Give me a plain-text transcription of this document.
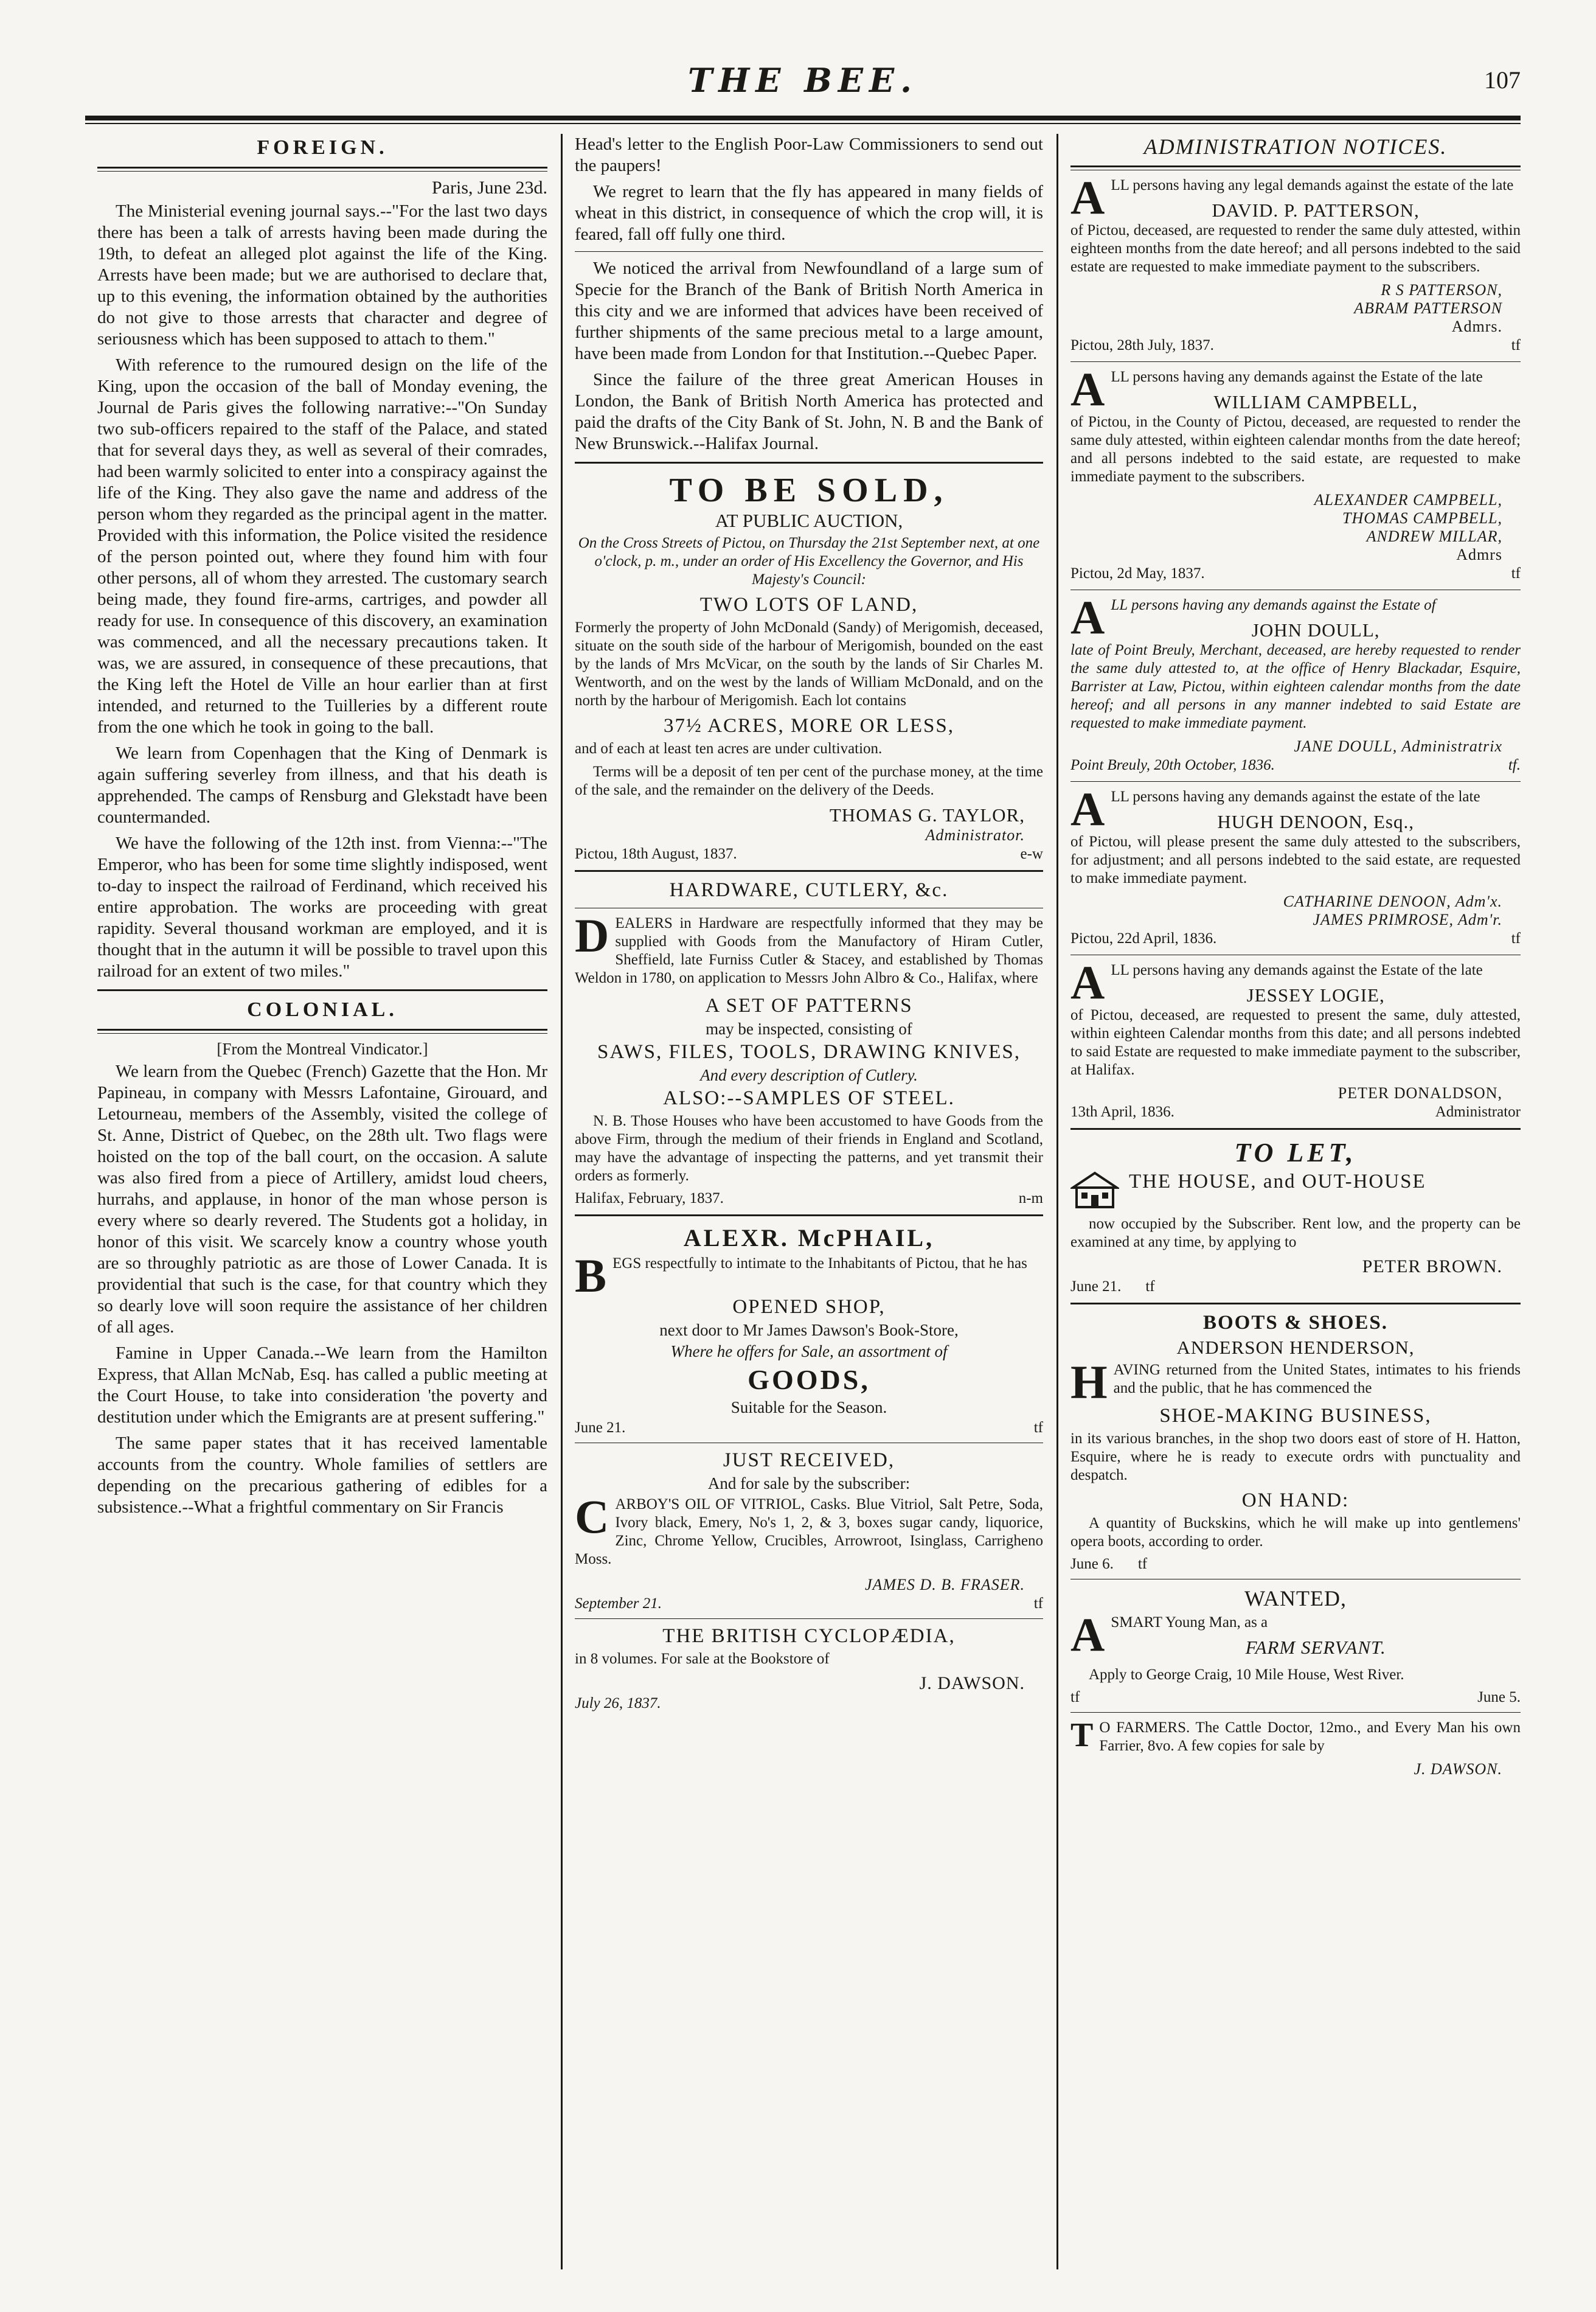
THE BEE.	107
FOREIGN.
Paris, June 23d.

The Ministerial evening journal says.--"For the last two days there has been a talk of arrests having been made during the 19th, to defeat an alleged plot against the life of the King. Arrests have been made; but we are authorised to declare that, up to this evening, the information obtained by the authorities do not give to those arrests that character and degree of seriousness which has been supposed to attach to them."

With reference to the rumoured design on the life of the King, upon the occasion of the ball of Monday evening, the Journal de Paris gives the following narrative:--"On Sunday two sub-officers repaired to the staff of the Palace, and stated that for several days they, as well as several of their comrades, had been warmly solicited to enter into a conspiracy against the life of the King. They also gave the name and address of the person whom they regarded as the principal agent in the matter. Provided with this information, the Police visited the residence of the person pointed out, where they found him with four other persons, all of whom they arrested. The customary search being made, they found fire-arms, cartriges, and powder all ready for use. In consequence of this discovery, an examination was commenced, and all the necessary precautions taken. It was, we are assured, in consequence of these precautions, that the King left the Hotel de Ville an hour earlier than at first intended, and returned to the Tuilleries by a different route from the one which he took in going to the ball.

We learn from Copenhagen that the King of Denmark is again suffering severley from illness, and that his death is apprehended. The camps of Rensburg and Glekstadt have been countermanded.

We have the following of the 12th inst. from Vienna:--"The Emperor, who has been for some time slightly indisposed, went to-day to inspect the railroad of Ferdinand, which received his entire approbation. The works are proceeding with great rapidity. Several thousand workman are employed, and it is thought that in the autumn it will be possible to travel upon this railroad for an extent of two miles."

COLONIAL.
[From the Montreal Vindicator.]

We learn from the Quebec (French) Gazette that the Hon. Mr Papineau, in company with Messrs Lafontaine, Girouard, and Letourneau, members of the Assembly, visited the college of St. Anne, District of Quebec, on the 28th ult. Two flags were hoisted on the top of the ball court, on the occasion. A salute was also fired from a piece of Artillery, amidst loud cheers, hurrahs, and applause, in honor of the man whose person is every where so dearly revered. The Students got a holiday, in honor of this visit. We scarcely know a country whose youth are so throughly patriotic as are those of Lower Canada. It is providential that such is the case, for that country which they so dearly love will soon require the assistance of her children of all ages.

Famine in Upper Canada.--We learn from the Hamilton Express, that Allan McNab, Esq. has called a public meeting at the Court House, to take into consideration 'the poverty and destitution under which the Emigrants are at present suffering."

The same paper states that it has received lamentable accounts from the country. Whole families of settlers are depending on the precarious gathering of edibles for a subsistence.--What a frightful commentary on Sir Francis

Head's letter to the English Poor-Law Commissioners to send out the paupers!

We regret to learn that the fly has appeared in many fields of wheat in this district, in consequence of which the crop will, it is feared, fall off fully one third.

We noticed the arrival from Newfoundland of a large sum of Specie for the Branch of the Bank of British North America in this city and we are informed that advices have been received of further shipments of the same precious metal to a large amount, have been made from London for that Institution.--Quebec Paper.

Since the failure of the three great American Houses in London, the Bank of British North America has protected and paid the drafts of the City Bank of St. John, N. B and the Bank of New Brunswick.--Halifax Journal.

TO BE SOLD,
AT PUBLIC AUCTION,

On the Cross Streets of Pictou, on Thursday the 21st September next, at one o'clock, p. m., under an order of His Excellency the Governor, and His Majesty's Council:

TWO LOTS OF LAND,

Formerly the property of John McDonald (Sandy) of Merigomish, deceased, situate on the south side of the harbour of Merigomish, bounded on the east by the lands of Mrs McVicar, on the south by the lands of Sir Charles M. Wentworth, and on the west by the lands of William McDonald, and on the north by the harbour of Merigomish. Each lot contains

37½ ACRES, MORE OR LESS,

and of each at least ten acres are under cultivation.

Terms will be a deposit of ten per cent of the purchase money, at the time of the sale, and the remainder on the delivery of the Deeds.

THOMAS G. TAYLOR,
Administrator.
Pictou, 18th August, 1837.	e-w
HARDWARE, CUTLERY, &c.
D EALERS in Hardware are respectfully informed that they may be supplied with Goods from the Manufactory of Hiram Cutler, Sheffield, late Furniss Cutler & Stacey, and established by Thomas Weldon in 1780, on application to Messrs John Albro & Co., Halifax, where

A SET OF PATTERNS
may be inspected, consisting of
SAWS, FILES, TOOLS, DRAWING KNIVES,
And every description of Cutlery.
ALSO:--SAMPLES OF STEEL.

N. B. Those Houses who have been accustomed to have Goods from the above Firm, through the medium of their friends in England and Scotland, may have the advantage of inspecting the patterns, and yet transmit their orders as formerly.

Halifax, February, 1837.	n-m
ALEXR. McPHAIL,
B EGS respectfully to intimate to the Inhabitants of Pictou, that he has

OPENED SHOP,
next door to Mr James Dawson's Book-Store,
Where he offers for Sale, an assortment of
GOODS,
Suitable for the Season.
June 21.	tf
JUST RECEIVED,
And for sale by the subscriber:
C ARBOY'S OIL OF VITRIOL, Casks. Blue Vitriol, Salt Petre, Soda, Ivory black, Emery, No's 1, 2, & 3, boxes sugar candy, liquorice, Zinc, Chrome Yellow, Crucibles, Arrowroot, Isinglass, Carrigheno Moss.

JAMES D. B. FRASER.
September 21.	tf
THE BRITISH CYCLOPÆDIA,

in 8 volumes. For sale at the Bookstore of

J. DAWSON.
July 26, 1837.
ADMINISTRATION NOTICES.
A LL persons having any legal demands against the estate of the late

DAVID. P. PATTERSON,

of Pictou, deceased, are requested to render the same duly attested, within eighteen months from the date hereof; and all persons indebted to the said estate are requested to make immediate payment to the subscribers.

R S PATTERSON,
ABRAM PATTERSON
Admrs.
Pictou, 28th July, 1837.	tf
A LL persons having any demands against the Estate of the late

WILLIAM CAMPBELL,

of Pictou, in the County of Pictou, deceased, are requested to render the same duly attested, within eighteen calendar months from the date hereof; and all persons indebted to the said estate, are requested to make immediate payment to the subscribers.

ALEXANDER CAMPBELL,
THOMAS CAMPBELL,
ANDREW MILLAR,
Admrs
Pictou, 2d May, 1837.	tf
A LL persons having any demands against the Estate of

JOHN DOULL,

late of Point Breuly, Merchant, deceased, are hereby requested to render the same duly attested to, at the office of Henry Blackadar, Esquire, Barrister at Law, Pictou, within eighteen calendar months from the date hereof; and all persons in any manner indebted to said Estate are requested to make immediate payment.

JANE DOULL, Administratrix
Point Breuly, 20th October, 1836.	tf.
A LL persons having any demands against the estate of the late

HUGH DENOON, Esq.,

of Pictou, will please present the same duly attested to the subscribers, for adjustment; and all persons indebted to the said estate, are requested to make immediate payment.

CATHARINE DENOON, Adm'x.
JAMES PRIMROSE, Adm'r.
Pictou, 22d April, 1836.	tf
A LL persons having any demands against the Estate of the late

JESSEY LOGIE,

of Pictou, deceased, are requested to present the same, duly attested, within eighteen Calendar months from this date; and all persons indebted to said Estate are requested to make immediate payment to the subscriber, at Halifax.

PETER DONALDSON,
13th April, 1836.	Administrator
TO LET,
THE HOUSE, and OUT-HOUSE

now occupied by the Subscriber. Rent low, and the property can be examined at any time, by applying to

PETER BROWN.
June 21. tf
BOOTS & SHOES.
ANDERSON HENDERSON,
H AVING returned from the United States, intimates to his friends and the public, that he has commenced the

SHOE-MAKING BUSINESS,

in its various branches, in the shop two doors east of store of H. Hatton, Esquire, where he is ready to execute ordrs with punctuality and despatch.

ON HAND:

A quantity of Buckskins, which he will make up into gentlemens' opera boots, according to order.

June 6. tf
WANTED,
A SMART Young Man, as a

FARM SERVANT.

Apply to George Craig, 10 Mile House, West River.

tf	June 5.
T O FARMERS. The Cattle Doctor, 12mo., and Every Man his own Farrier, 8vo. A few copies for sale by

J. DAWSON.
